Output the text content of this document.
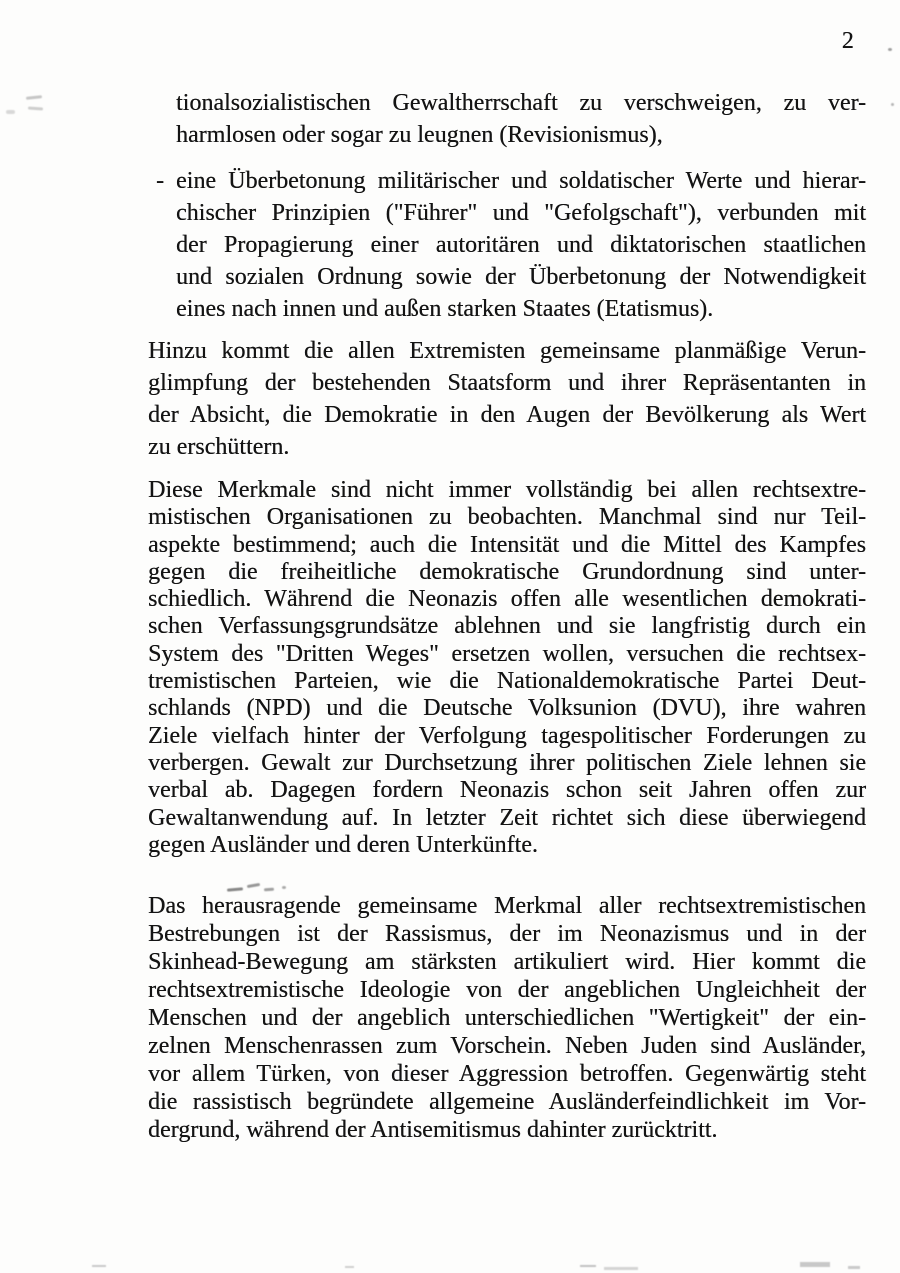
2
tionalsozialistischen Gewaltherrschaft zu verschweigen, zu ver-
harmlosen oder sogar zu leugnen (Revisionismus),
- eine Überbetonung militärischer und soldatischer Werte und hierar-
chischer Prinzipien ("Führer" und "Gefolgschaft"), verbunden mit
der Propagierung einer autoritären und diktatorischen staatlichen
und sozialen Ordnung sowie der Überbetonung der Notwendigkeit
eines nach innen und außen starken Staates (Etatismus).
Hinzu kommt die allen Extremisten gemeinsame planmäßige Verun-
glimpfung der bestehenden Staatsform und ihrer Repräsentanten in
der Absicht, die Demokratie in den Augen der Bevölkerung als Wert
zu erschüttern.
Diese Merkmale sind nicht immer vollständig bei allen rechtsextre-
mistischen Organisationen zu beobachten. Manchmal sind nur Teil-
aspekte bestimmend; auch die Intensität und die Mittel des Kampfes
gegen die freiheitliche demokratische Grundordnung sind unter-
schiedlich. Während die Neonazis offen alle wesentlichen demokrati-
schen Verfassungsgrundsätze ablehnen und sie langfristig durch ein
System des "Dritten Weges" ersetzen wollen, versuchen die rechtsex-
tremistischen Parteien, wie die Nationaldemokratische Partei Deut-
schlands (NPD) und die Deutsche Volksunion (DVU), ihre wahren
Ziele vielfach hinter der Verfolgung tagespolitischer Forderungen zu
verbergen. Gewalt zur Durchsetzung ihrer politischen Ziele lehnen sie
verbal ab. Dagegen fordern Neonazis schon seit Jahren offen zur
Gewaltanwendung auf. In letzter Zeit richtet sich diese überwiegend
gegen Ausländer und deren Unterkünfte.
Das herausragende gemeinsame Merkmal aller rechtsextremistischen
Bestrebungen ist der Rassismus, der im Neonazismus und in der
Skinhead-Bewegung am stärksten artikuliert wird. Hier kommt die
rechtsextremistische Ideologie von der angeblichen Ungleichheit der
Menschen und der angeblich unterschiedlichen "Wertigkeit" der ein-
zelnen Menschenrassen zum Vorschein. Neben Juden sind Ausländer,
vor allem Türken, von dieser Aggression betroffen. Gegenwärtig steht
die rassistisch begründete allgemeine Ausländerfeindlichkeit im Vor-
dergrund, während der Antisemitismus dahinter zurücktritt.
